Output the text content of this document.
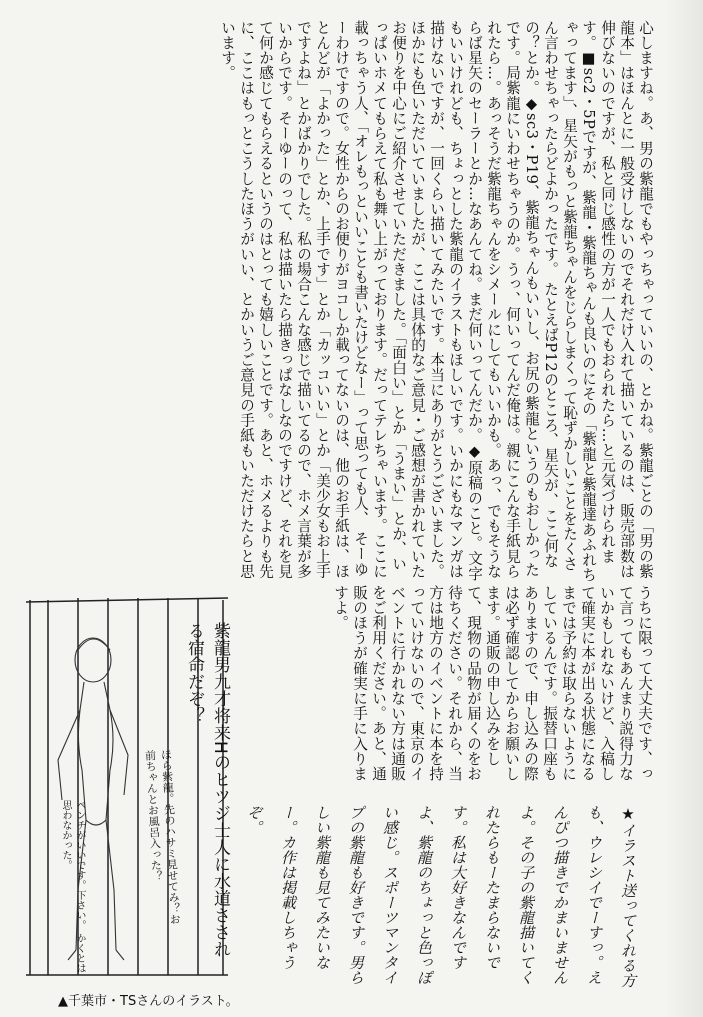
心しますね。あ、男の紫龍でもやっちゃっていいの、とかね。紫龍ごとの「男の紫龍本」はほんとに一般受けしないのでそれだけ入れて描いているのは、販売部数は伸びないのですが、私と同じ感性の方が一人でもおられたら…と元気づけられます。■sc2・5Pですが、紫龍・紫龍ちゃんも良いのにその「紫龍と紫龍達あふれちゃってます」、星矢がもっと紫龍ちゃんをじらしまくって恥ずかしいことをたくさん言わせちゃったらどよかったです。 たとえばP12のところ、星矢が、ここ何なの？とか。◆sc3・P19、紫龍ちゃんもいいし、お尻の紫龍というのもおしかったです。局紫龍にいわせちゃうのか。うっ、何いってんだ俺は。親にこんな手紙見られたら…。あっそうだ紫龍ちゃんをシメールにしてもいいかも。あっ、でもそうならば星矢のセーラーとか…なあんてね。まだ何いってんだか。◆原稿のこと。文字もいいけれども、ちょっとした紫龍のイラストもほしいです。いかにもなマンガは描けないですが、一回くらい描いてみたいです。本当にありがとうございました。ほかにも色いただいていましたが、ここは具体的なご意見・ご感想が書かれていたお便りを中心にご紹介させていただきました。「面白い」とか「うまい」とか、いっぱいホメてもらえて私も舞い上がっております。だってテレちゃいます。ここに載っちゃう人、「オレもっといいことも書いたけどなー」って思っても人、 そーゆーわけですので。女性からのお便りがヨコしか載ってないのは、他のお手紙は、ほとんどが「よかった」とか、上手です」とか「カッコいい」とか「美少女もお上手ですよね」とかばかりでした。私の場合こんな感じで描いてるので、ホメ言葉が多いからです。そーゆーのって、私は描いたら描きっぱなしなのですけど、それを見て何か感じてもらえるというのはとっても嬉しいことです。あと、ホメるよりも先に、ここはもっとこうしたほうがいい、とかいうご意見の手紙もいただけたらと思います。
うちに限って大丈夫です、って言ってもあんまり説得力ないかもしれないけど、入稿して確実に本が出る状態になるまでは予約は取らないようにしているんです。振替口座もありますので、申し込みの際は必ず確認してからお願いします。通販の申し込みをして、現物の品物が届くのをお待ちください。それから、当方は地方のイベントに本を持っていけないので、東京のイベントに行かれない方は通販をご利用ください。あと、通販のほうが確実に手に入りますよ。
★イラスト送ってくれる方も、ウレシイでーすっ。えんぴつ描きでかまいませんよ。その子の紫龍描いてくれたらもーたまらないです。私は大好きなんですよ、紫龍のちょっと色っぽい感じ。スポーツマンタイプの紫龍も好きです。男らしい紫龍も見てみたいなー。カ作は掲載しちゃうぞ。
紫龍男九才将来Hのヒツジ士人に水道さされる宿命だぞ？
ほら紫龍。先のハサミ見せてみ？お前ちゃんとお風呂入った？
ペンチがいいです。下さい。 かくとは思わなかった。
▲千葉市・TSさんのイラスト。
